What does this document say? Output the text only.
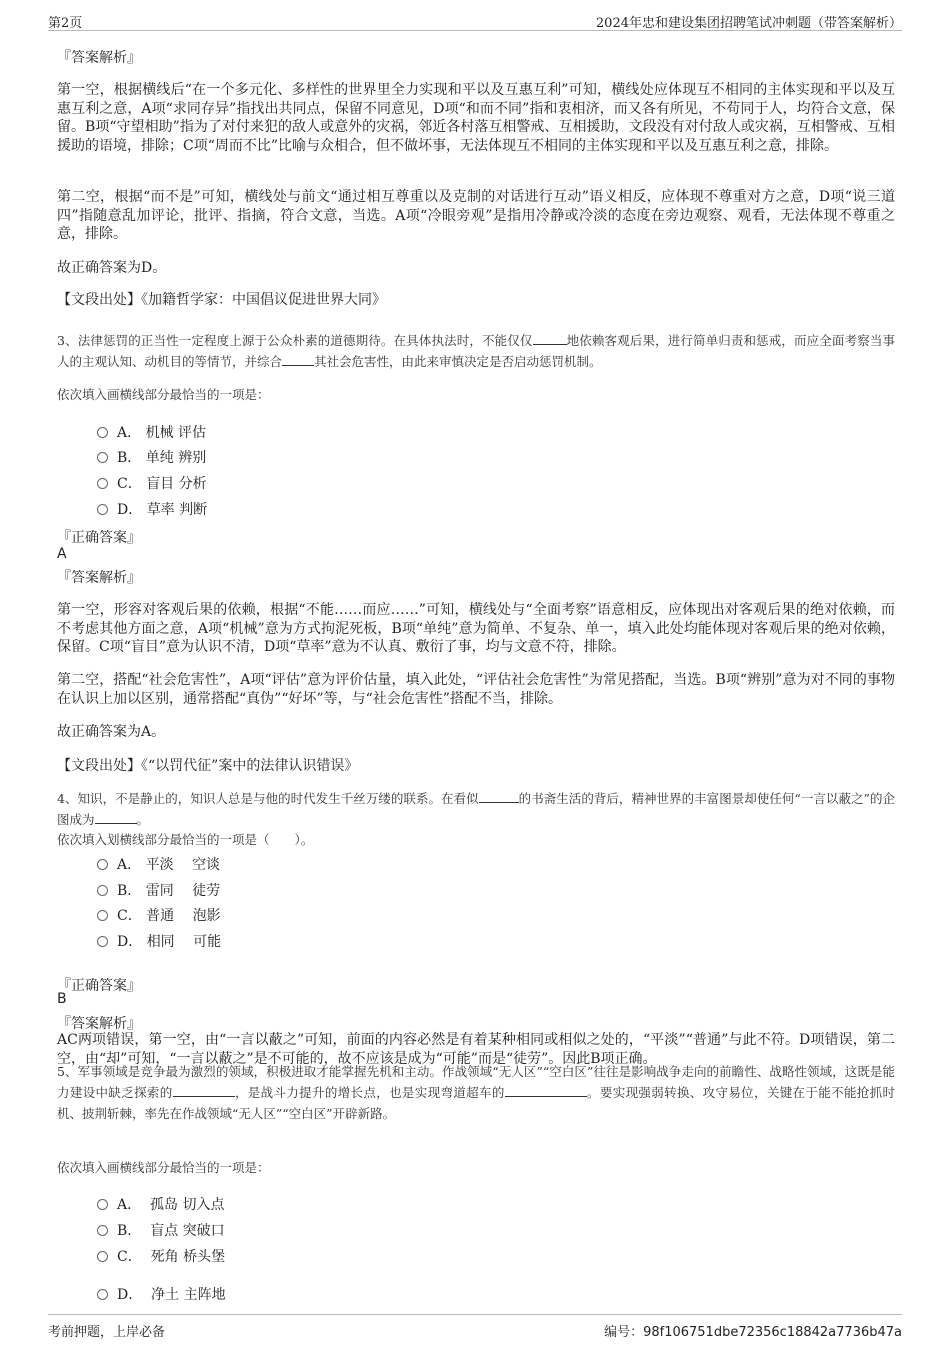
第2页	2024年忠和建设集团招聘笔试冲刺题（带答案解析）
『答案解析』
第一空，根据横线后“在一个多元化、多样性的世界里全力实现和平以及互惠互利”可知，横线处应体现互不相同的主体实现和平以及互惠互利之意，A项“求同存异”指找出共同点，保留不同意见，D项“和而不同”指和衷相济，而又各有所见，不苟同于人，均符合文意，保留。B项“守望相助”指为了对付来犯的敌人或意外的灾祸，邻近各村落互相警戒、互相援助，文段没有对付敌人或灾祸，互相警戒、互相援助的语境，排除；C项“周而不比”比喻与众相合，但不做坏事，无法体现互不相同的主体实现和平以及互惠互利之意，排除。
第二空，根据“而不是”可知，横线处与前文“通过相互尊重以及克制的对话进行互动”语义相反，应体现不尊重对方之意，D项“说三道四”指随意乱加评论，批评、指摘，符合文意，当选。A项“冷眼旁观”是指用冷静或冷淡的态度在旁边观察、观看，无法体现不尊重之意，排除。
故正确答案为D。
【文段出处】《加籍哲学家：中国倡议促进世界大同》
3、法律惩罚的正当性一定程度上源于公众朴素的道德期待。在具体执法时，不能仅仅	地依赖客观后果，进行简单归责和惩戒，而应全面考察当事人的主观认知、动机目的等情节，并综合	其社会危害性，由此来审慎决定是否启动惩罚机制。
依次填入画横线部分最恰当的一项是：
A．
机械 评估
B．
单纯 辨别
C．
盲目 分析
D．
草率 判断
『正确答案』
A
『答案解析』
第一空，形容对客观后果的依赖，根据“不能……而应……”可知，横线处与“全面考察”语意相反，应体现出对客观后果的绝对依赖，而不考虑其他方面之意，A项“机械”意为方式拘泥死板，B项“单纯”意为简单、不复杂、单一，填入此处均能体现对客观后果的绝对依赖，保留。C项“盲目”意为认识不清，D项“草率”意为不认真、敷衍了事，均与文意不符，排除。
第二空，搭配“社会危害性”，A项“评估”意为评价估量，填入此处，“评估社会危害性”为常见搭配，当选。B项“辨别”意为对不同的事物在认识上加以区别，通常搭配“真伪”“好坏”等，与“社会危害性”搭配不当，排除。
故正确答案为A。
【文段出处】《“以罚代征”案中的法律认识错误》
4、知识，不是静止的，知识人总是与他的时代发生千丝万缕的联系。在看似	的书斋生活的背后，精神世界的丰富图景却使任何“一言以蔽之”的企图成为	。
依次填入划横线部分最恰当的一项是（　　）。
A．
平淡　 空谈
B．
雷同　 徒劳
C．
普通　 泡影
D．
相同　 可能
『正确答案』
B
『答案解析』
AC两项错误，第一空，由“一言以蔽之”可知，前面的内容必然是有着某种相同或相似之处的，“平淡”“普通”与此不符。D项错误，第二空，由“却”可知，“一言以蔽之”是不可能的，故不应该是成为“可能”而是“徒劳”。因此B项正确。
5、军事领域是竞争最为激烈的领域，积极进取才能掌握先机和主动。作战领域“无人区”“空白区”往往是影响战争走向的前瞻性、战略性领域，这既是能力建设中缺乏探索的	，是战斗力提升的增长点，也是实现弯道超车的	。要实现强弱转换、攻守易位，关键在于能不能抢抓时机、披荆斩棘，率先在作战领域“无人区”“空白区”开辟新路。
依次填入画横线部分最恰当的一项是：
A．
孤岛 切入点
B．
盲点 突破口
C．
死角 桥头堡
D．
净土 主阵地
考前押题，上岸必备	编号：98f106751dbe72356c18842a7736b47a
